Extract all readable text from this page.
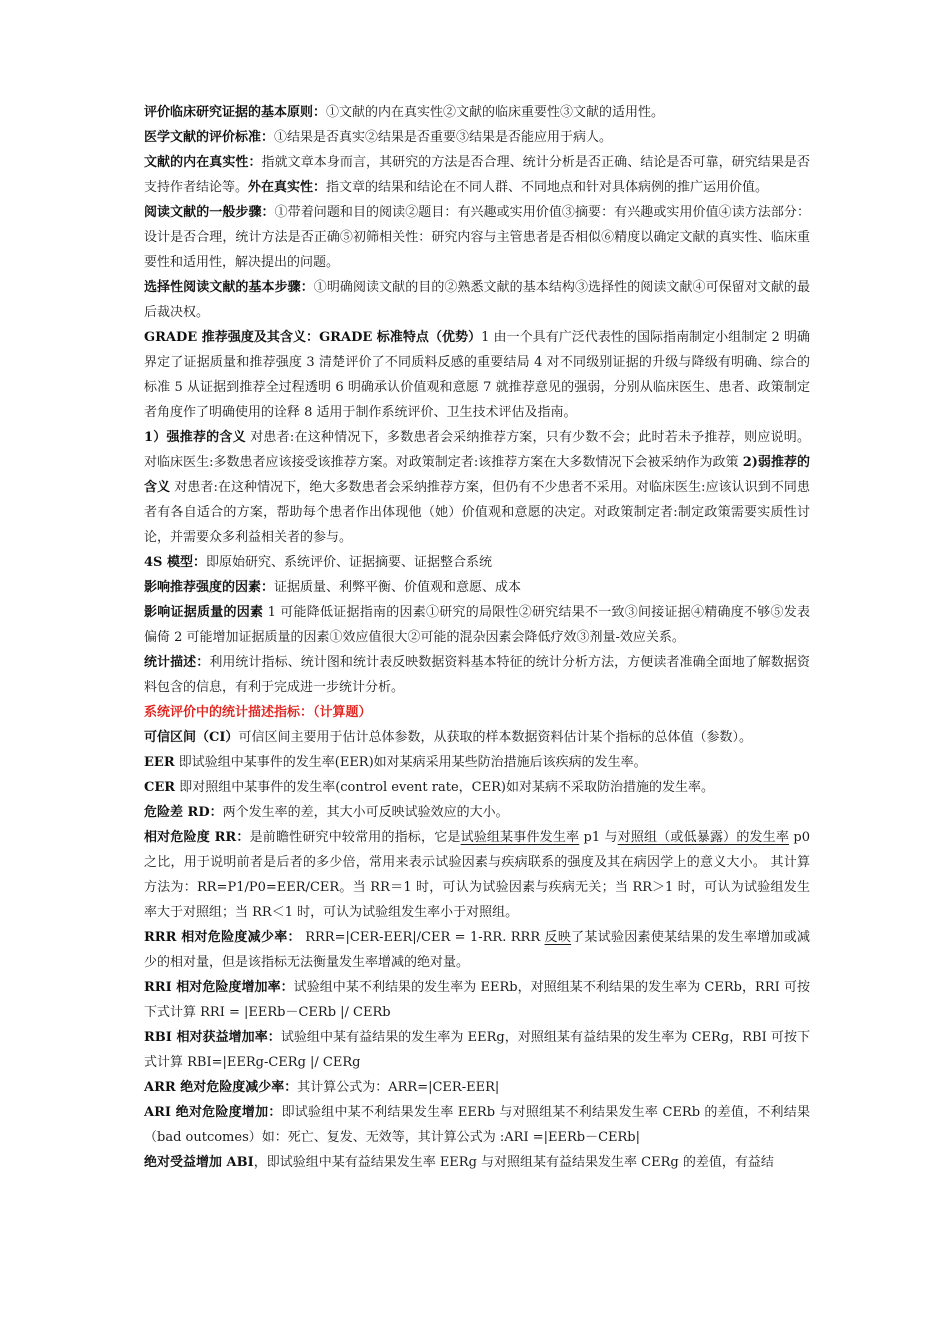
评价临床研究证据的基本原则：①文献的内在真实性②文献的临床重要性③文献的适用性。

医学文献的评价标准：①结果是否真实②结果是否重要③结果是否能应用于病人。

文献的内在真实性：指就文章本身而言，其研究的方法是否合理、统计分析是否正确、结论是否可靠，研究结果是否支持作者结论等。外在真实性：指文章的结果和结论在不同人群、不同地点和针对具体病例的推广运用价值。

阅读文献的一般步骤：①带着问题和目的阅读②题目：有兴趣或实用价值③摘要：有兴趣或实用价值④读方法部分：设计是否合理，统计方法是否正确⑤初筛相关性：研究内容与主管患者是否相似⑥精度以确定文献的真实性、临床重要性和适用性，解决提出的问题。

选择性阅读文献的基本步骤：①明确阅读文献的目的②熟悉文献的基本结构③选择性的阅读文献④可保留对文献的最后裁决权。

GRADE 推荐强度及其含义：GRADE 标准特点（优势）1 由一个具有广泛代表性的国际指南制定小组制定 2 明确界定了证据质量和推荐强度 3 清楚评价了不同质料反感的重要结局 4 对不同级别证据的升级与降级有明确、综合的标准 5 从证据到推荐全过程透明 6 明确承认价值观和意愿 7 就推荐意见的强弱，分别从临床医生、患者、政策制定者角度作了明确使用的诠释 8 适用于制作系统评价、卫生技术评估及指南。

1）强推荐的含义 对患者:在这种情况下，多数患者会采纳推荐方案，只有少数不会；此时若未予推荐，则应说明。对临床医生:多数患者应该接受该推荐方案。对政策制定者:该推荐方案在大多数情况下会被采纳作为政策 2)弱推荐的含义 对患者:在这种情况下，绝大多数患者会采纳推荐方案，但仍有不少患者不采用。对临床医生:应该认识到不同患者有各自适合的方案，帮助每个患者作出体现他（她）价值观和意愿的决定。对政策制定者:制定政策需要实质性讨论，并需要众多利益相关者的参与。

4S 模型：即原始研究、系统评价、证据摘要、证据整合系统

影响推荐强度的因素：证据质量、利弊平衡、价值观和意愿、成本

影响证据质量的因素 1 可能降低证据指南的因素①研究的局限性②研究结果不一致③间接证据④精确度不够⑤发表偏倚 2 可能增加证据质量的因素①效应值很大②可能的混杂因素会降低疗效③剂量-效应关系。

统计描述：利用统计指标、统计图和统计表反映数据资料基本特征的统计分析方法，方便读者准确全面地了解数据资料包含的信息，有利于完成进一步统计分析。

系统评价中的统计描述指标：（计算题）

可信区间（CI）可信区间主要用于估计总体参数，从获取的样本数据资料估计某个指标的总体值（参数）。

EER 即试验组中某事件的发生率(EER)如对某病采用某些防治措施后该疾病的发生率。

CER 即对照组中某事件的发生率(control event rate，CER)如对某病不采取防治措施的发生率。

危险差 RD：两个发生率的差，其大小可反映试验效应的大小。

相对危险度 RR：是前瞻性研究中较常用的指标，它是试验组某事件发生率 p1 与对照组（或低暴露）的发生率 p0 之比，用于说明前者是后者的多少倍，常用来表示试验因素与疾病联系的强度及其在病因学上的意义大小。 其计算方法为：RR=P1/P0=EER/CER。当 RR＝1 时，可认为试验因素与疾病无关；当 RR＞1 时，可认为试验组发生率大于对照组；当 RR＜1 时，可认为试验组发生率小于对照组。

RRR 相对危险度减少率： RRR=|CER-EER|/CER = 1-RR. RRR 反映了某试验因素使某结果的发生率增加或减少的相对量，但是该指标无法衡量发生率增减的绝对量。

RRI 相对危险度增加率：试验组中某不利结果的发生率为 EERb，对照组某不利结果的发生率为 CERb，RRI 可按下式计算 RRI = |EERb－CERb |/ CERb

RBI 相对获益增加率：试验组中某有益结果的发生率为 EERg，对照组某有益结果的发生率为 CERg，RBI 可按下式计算 RBI=|EERg-CERg |/ CERg

ARR 绝对危险度减少率：其计算公式为：ARR=|CER-EER|

ARI 绝对危险度增加：即试验组中某不利结果发生率 EERb 与对照组某不利结果发生率 CERb 的差值，不利结果（bad outcomes）如：死亡、复发、无效等，其计算公式为 :ARI =|EERb－CERb|

绝对受益增加 ABI，即试验组中某有益结果发生率 EERg 与对照组某有益结果发生率 CERg 的差值，有益结
